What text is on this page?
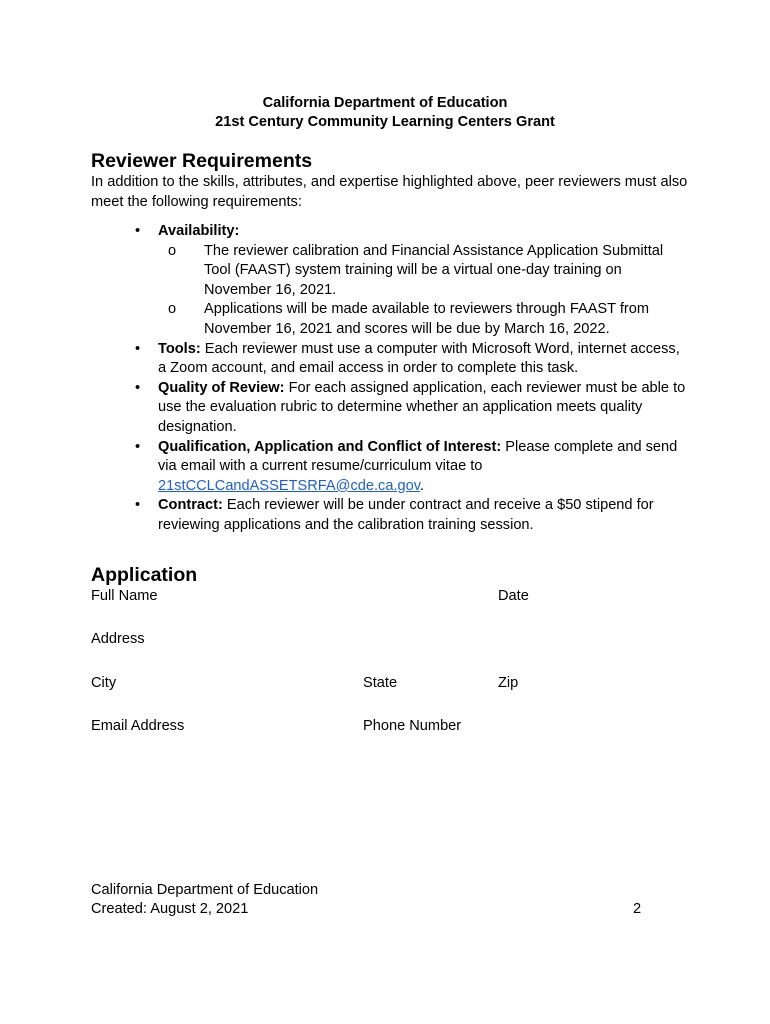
California Department of Education
21st Century Community Learning Centers Grant
Reviewer Requirements

In addition to the skills, attributes, and expertise highlighted above, peer reviewers must also meet the following requirements:

• Availability:
o The reviewer calibration and Financial Assistance Application Submittal Tool (FAAST) system training will be a virtual one-day training on November 16, 2021.
o Applications will be made available to reviewers through FAAST from November 16, 2021 and scores will be due by March 16, 2022.
• Tools: Each reviewer must use a computer with Microsoft Word, internet access, a Zoom account, and email access in order to complete this task.
• Quality of Review: For each assigned application, each reviewer must be able to use the evaluation rubric to determine whether an application meets quality designation.
• Qualification, Application and Conflict of Interest: Please complete and send via email with a current resume/curriculum vitae to 21stCCLCandASSETSRFA@cde.ca.gov.
• Contract: Each reviewer will be under contract and receive a $50 stipend for reviewing applications and the calibration training session.
Application
Full Name	Date
Address
City	State	Zip
Email Address	Phone Number
California Department of Education
Created: August 2, 2021	2
